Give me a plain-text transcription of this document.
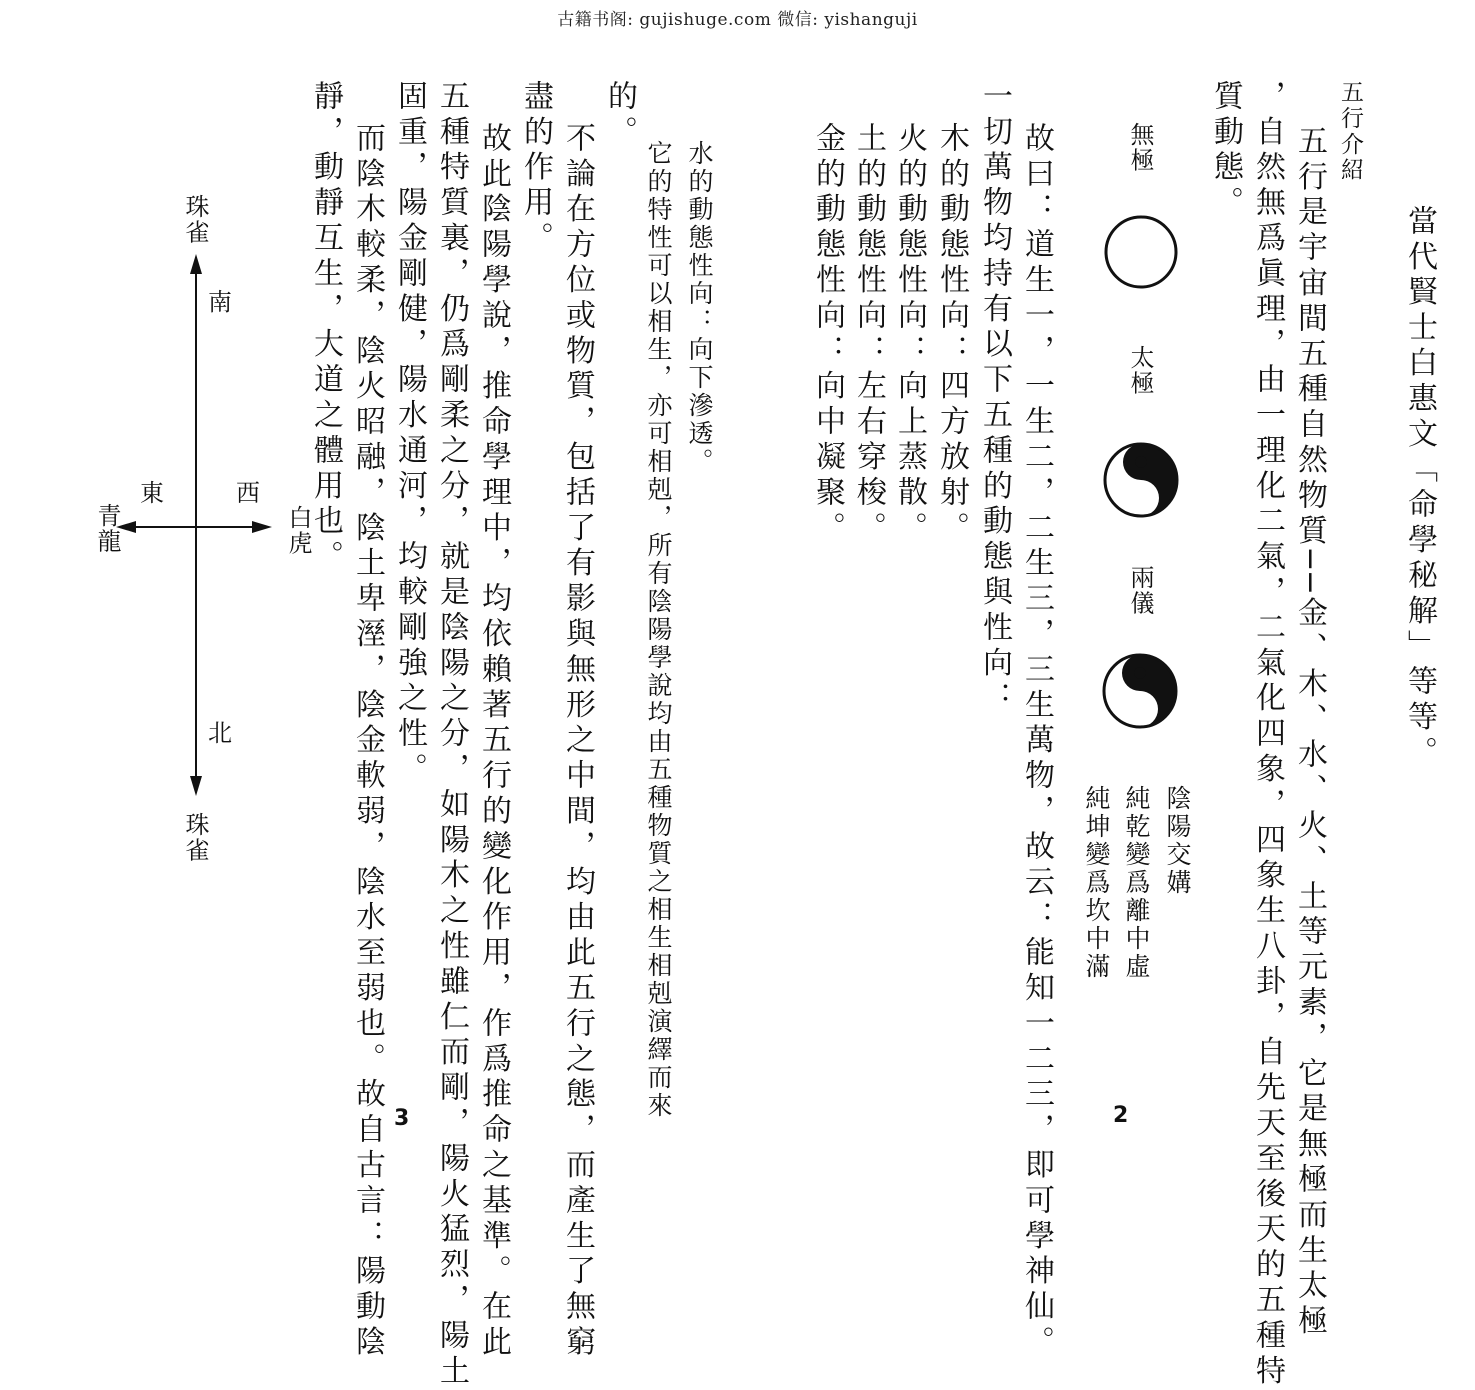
古籍书阁: gujishuge.com 微信: yishanguji
當代賢士白惠文「命學秘解」等等。
五行介紹
五行是宇宙間五種自然物質──金、木、水、火、土等元素，它是無極而生太極
，自然無爲眞理，由一理化二氣，二氣化四象，四象生八卦，自先天至後天的五種特
質動態。
無極
太極
兩儀
陰陽交媾
純乾變爲離中虛
純坤變爲坎中滿
故曰：道生一，一生二，二生三，三生萬物，故云：能知一二三，即可學神仙。
一切萬物均持有以下五種的動態與性向：
木的動態性向：四方放射。
火的動態性向：向上蒸散。
土的動態性向：左右穿梭。
金的動態性向：向中凝聚。
2
的。
水的動態性向：向下滲透。
它的特性可以相生，亦可相剋，所有陰陽學說均由五種物質之相生相剋演繹而來
不論在方位或物質，包括了有影與無形之中間，均由此五行之態，而產生了無窮
盡的作用。
故此陰陽學說，推命學理中，均依賴著五行的變化作用，作爲推命之基準。在此
五種特質裏，仍爲剛柔之分，就是陰陽之分，如陽木之性雖仁而剛，陽火猛烈，陽土
固重，陽金剛健，陽水通河，均較剛強之性。
而陰木較柔，陰火昭融，陰土卑溼，陰金軟弱，陰水至弱也。故自古言：陽動陰
靜，動靜互生，大道之體用也。
珠雀
珠雀
青龍	白虎
南
北
東	西
3
